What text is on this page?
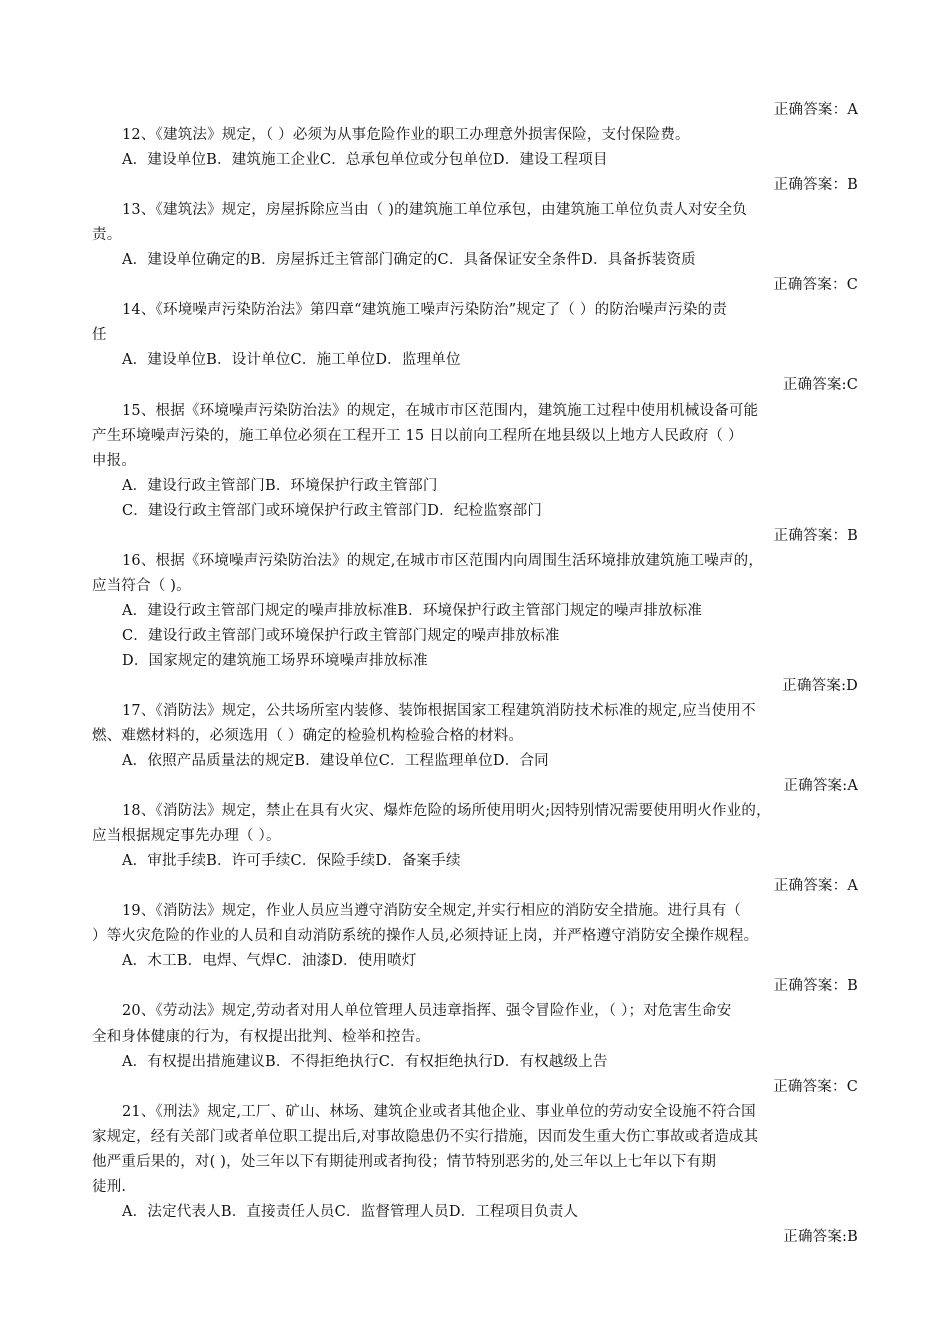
正确答案：A
12、《建筑法》规定，（ ）必须为从事危险作业的职工办理意外损害保险，支付保险费。
A．建设单位B．建筑施工企业C．总承包单位或分包单位D．建设工程项目
正确答案：B
13、《建筑法》规定，房屋拆除应当由（ )的建筑施工单位承包，由建筑施工单位负责人对安全负
责。
A．建设单位确定的B．房屋拆迁主管部门确定的C．具备保证安全条件D．具备拆装资质
正确答案：C
14、《环境噪声污染防治法》第四章“建筑施工噪声污染防治”规定了（ ）的防治噪声污染的责
任
A．建设单位B．设计单位C．施工单位D．监理单位
正确答案:C
15、根据《环境噪声污染防治法》的规定，在城市市区范围内，建筑施工过程中使用机械设备可能
产生环境噪声污染的，施工单位必须在工程开工 15 日以前向工程所在地县级以上地方人民政府（ ）
申报。
A．建设行政主管部门B．环境保护行政主管部门
C．建设行政主管部门或环境保护行政主管部门D．纪检监察部门
正确答案：B
16、根据《环境噪声污染防治法》的规定,在城市市区范围内向周围生活环境排放建筑施工噪声的，
应当符合（ )。
A．建设行政主管部门规定的噪声排放标准B．环境保护行政主管部门规定的噪声排放标准
C．建设行政主管部门或环境保护行政主管部门规定的噪声排放标准
D．国家规定的建筑施工场界环境噪声排放标准
正确答案:D
17、《消防法》规定，公共场所室内装修、装饰根据国家工程建筑消防技术标准的规定,应当使用不
燃、难燃材料的，必须选用（ ）确定的检验机构检验合格的材料。
A．依照产品质量法的规定B．建设单位C．工程监理单位D．合同
正确答案:A
18、《消防法》规定，禁止在具有火灾、爆炸危险的场所使用明火;因特别情况需要使用明火作业的，
应当根据规定事先办理（ ）。
A．审批手续B．许可手续C．保险手续D．备案手续
正确答案：A
19、《消防法》规定，作业人员应当遵守消防安全规定,并实行相应的消防安全措施。进行具有（
）等火灾危险的作业的人员和自动消防系统的操作人员,必须持证上岗，并严格遵守消防安全操作规程。
A．木工B．电焊、气焊C．油漆D．使用喷灯
正确答案：B
20、《劳动法》规定,劳动者对用人单位管理人员违章指挥、强令冒险作业，（ ）；对危害生命安
全和身体健康的行为，有权提出批判、检举和控告。
A．有权提出措施建议B．不得拒绝执行C．有权拒绝执行D．有权越级上告
正确答案：C
21、《刑法》规定,工厂、矿山、林场、建筑企业或者其他企业、事业单位的劳动安全设施不符合国
家规定，经有关部门或者单位职工提出后,对事故隐患仍不实行措施，因而发生重大伤亡事故或者造成其
他严重后果的，对( )，处三年以下有期徒刑或者拘役；情节特别恶劣的,处三年以上七年以下有期
徒刑.
A．法定代表人B．直接责任人员C．监督管理人员D．工程项目负责人
正确答案:B
